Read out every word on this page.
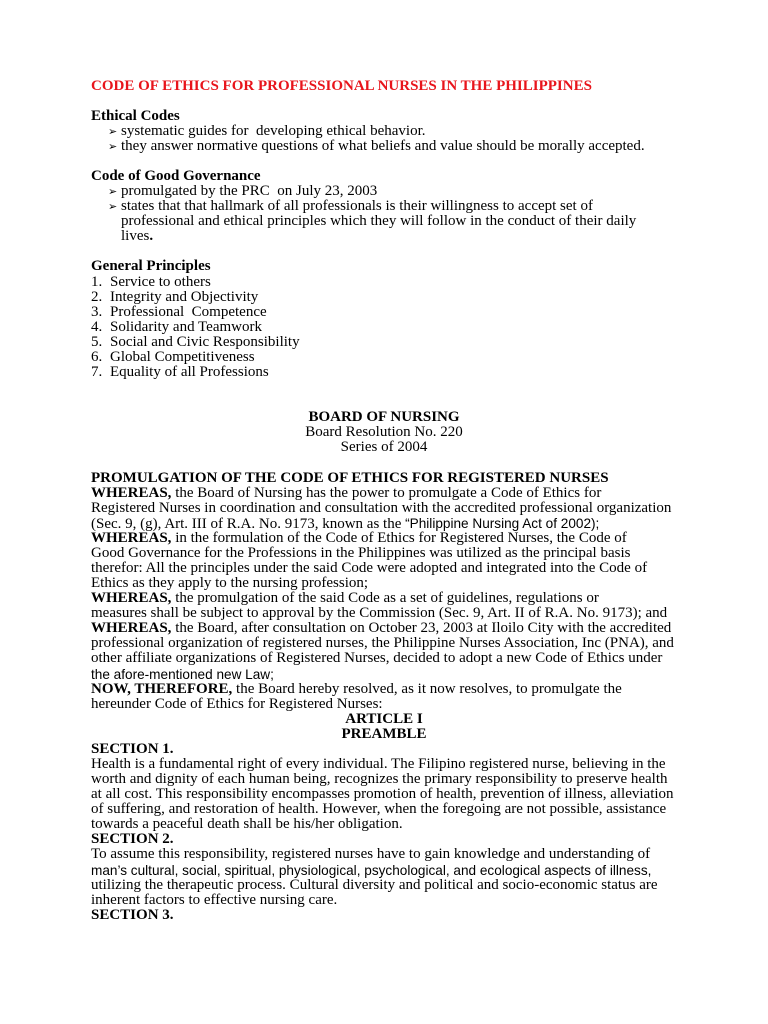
CODE OF ETHICS FOR PROFESSIONAL NURSES IN THE PHILIPPINES
Ethical Codes
➢ systematic guides for  developing ethical behavior.
➢ they answer normative questions of what beliefs and value should be morally accepted.
Code of Good Governance
➢ promulgated by the PRC  on July 23, 2003
➢ states that that hallmark of all professionals is their willingness to accept set of
professional and ethical principles which they will follow in the conduct of their daily
lives.
General Principles
1. Service to others
2. Integrity and Objectivity
3. Professional  Competence
4. Solidarity and Teamwork
5. Social and Civic Responsibility
6. Global Competitiveness
7. Equality of all Professions
BOARD OF NURSING
Board Resolution No. 220
Series of 2004
PROMULGATION OF THE CODE OF ETHICS FOR REGISTERED NURSES
WHEREAS, the Board of Nursing has the power to promulgate a Code of Ethics for
Registered Nurses in coordination and consultation with the accredited professional organization
(Sec. 9, (g), Art. III of R.A. No. 9173, known as the “Philippine Nursing Act of 2002);
WHEREAS, in the formulation of the Code of Ethics for Registered Nurses, the Code of
Good Governance for the Professions in the Philippines was utilized as the principal basis
therefor: All the principles under the said Code were adopted and integrated into the Code of
Ethics as they apply to the nursing profession;
WHEREAS, the promulgation of the said Code as a set of guidelines, regulations or
measures shall be subject to approval by the Commission (Sec. 9, Art. II of R.A. No. 9173); and
WHEREAS, the Board, after consultation on October 23, 2003 at Iloilo City with the accredited
professional organization of registered nurses, the Philippine Nurses Association, Inc (PNA), and
other affiliate organizations of Registered Nurses, decided to adopt a new Code of Ethics under
the afore-mentioned new Law;
NOW, THEREFORE, the Board hereby resolved, as it now resolves, to promulgate the
hereunder Code of Ethics for Registered Nurses:
ARTICLE I
PREAMBLE
SECTION 1.
Health is a fundamental right of every individual. The Filipino registered nurse, believing in the
worth and dignity of each human being, recognizes the primary responsibility to preserve health
at all cost. This responsibility encompasses promotion of health, prevention of illness, alleviation
of suffering, and restoration of health. However, when the foregoing are not possible, assistance
towards a peaceful death shall be his/her obligation.
SECTION 2.
To assume this responsibility, registered nurses have to gain knowledge and understanding of
man’s cultural, social, spiritual, physiological, psychological, and ecological aspects of illness,
utilizing the therapeutic process. Cultural diversity and political and socio-economic status are
inherent factors to effective nursing care.
SECTION 3.
